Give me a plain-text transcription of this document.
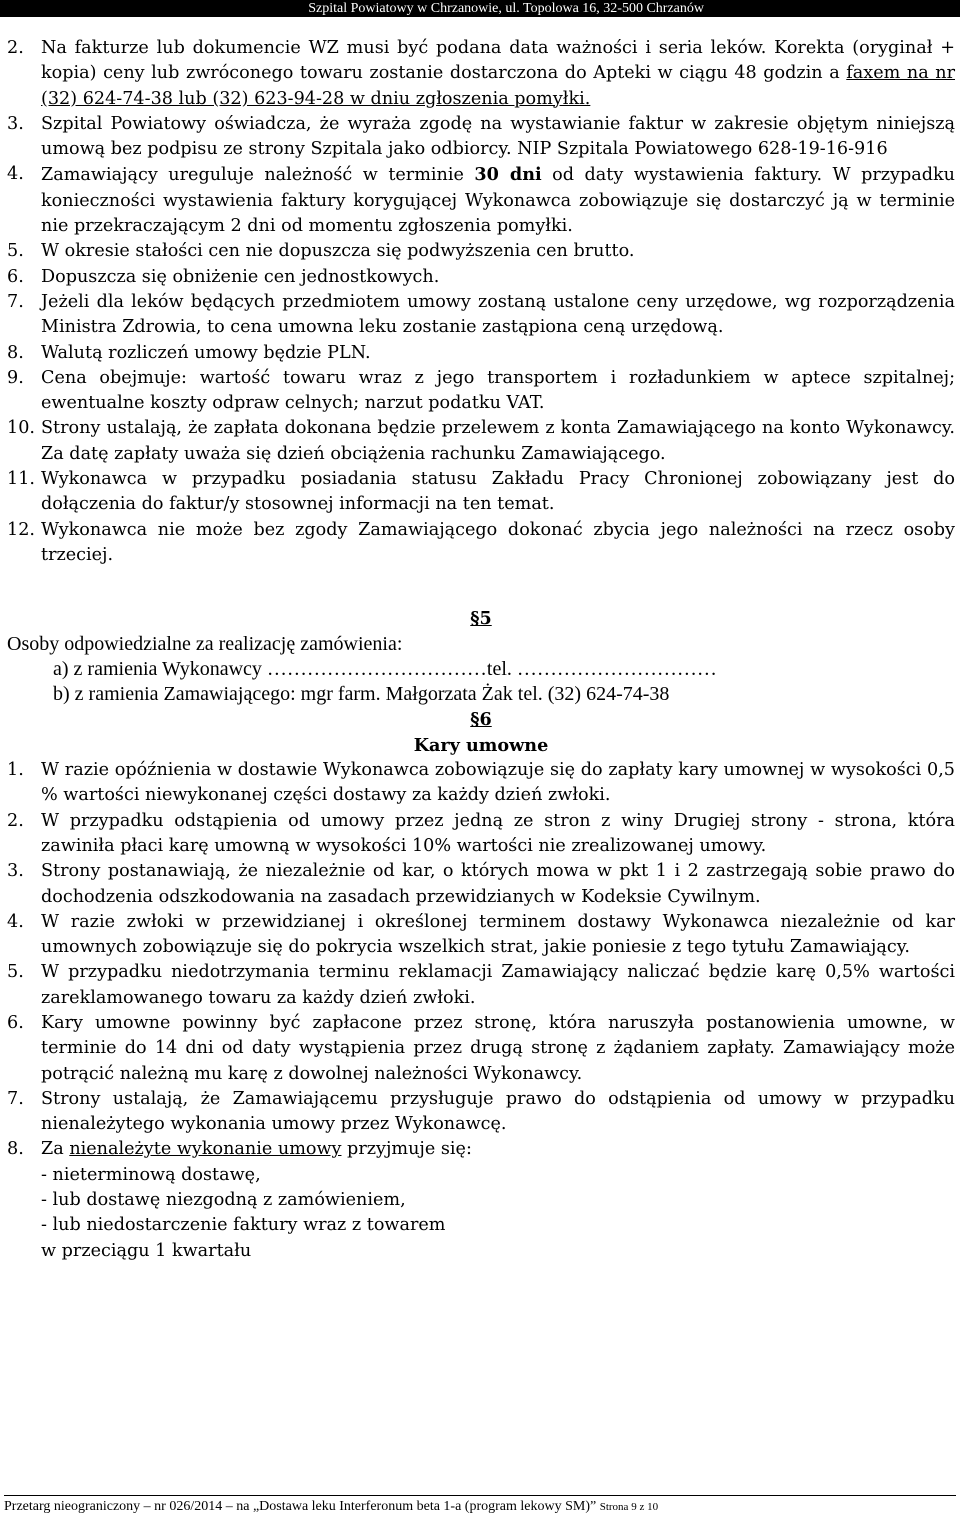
Szpital Powiatowy w Chrzanowie, ul. Topolowa 16, 32-500 Chrzanów
2. Na fakturze lub dokumencie WZ musi być podana data ważności i seria leków. Korekta (oryginał + kopia) ceny lub zwróconego towaru zostanie dostarczona do Apteki w ciągu 48 godzin a faxem na nr (32) 624-74-38 lub (32) 623-94-28 w dniu zgłoszenia pomyłki.
3. Szpital Powiatowy oświadcza, że wyraża zgodę na wystawianie faktur w zakresie objętym niniejszą umową bez podpisu ze strony Szpitala jako odbiorcy. NIP Szpitala Powiatowego 628-19-16-916
4. Zamawiający ureguluje należność w terminie 30 dni od daty wystawienia faktury. W przypadku konieczności wystawienia faktury korygującej Wykonawca zobowiązuje się dostarczyć ją w terminie nie przekraczającym 2 dni od momentu zgłoszenia pomyłki.
5. W okresie stałości cen nie dopuszcza się podwyższenia cen brutto.
6. Dopuszcza się obniżenie cen jednostkowych.
7. Jeżeli dla leków będących przedmiotem umowy zostaną ustalone ceny urzędowe, wg rozporządzenia Ministra Zdrowia, to cena umowna leku zostanie zastąpiona ceną urzędową.
8. Walutą rozliczeń umowy będzie PLN.
9. Cena obejmuje: wartość towaru wraz z jego transportem i rozładunkiem w aptece szpitalnej; ewentualne koszty odpraw celnych; narzut podatku VAT.
10. Strony ustalają, że zapłata dokonana będzie przelewem z konta Zamawiającego na konto Wykonawcy. Za datę zapłaty uważa się dzień obciążenia rachunku Zamawiającego.
11. Wykonawca w przypadku posiadania statusu Zakładu Pracy Chronionej zobowiązany jest do dołączenia do faktur/y stosownej informacji na ten temat.
12. Wykonawca nie może bez zgody Zamawiającego dokonać zbycia jego należności na rzecz osoby trzeciej.
§5
Osoby odpowiedzialne za realizację zamówienia:
a) z ramienia Wykonawcy ……………………………tel. …………………………
b) z ramienia Zamawiającego: mgr farm. Małgorzata Żak tel. (32) 624-74-38
§6
Kary umowne
1. W razie opóźnienia w dostawie Wykonawca zobowiązuje się do zapłaty kary umownej w wysokości 0,5 % wartości niewykonanej części dostawy za każdy dzień zwłoki.
2. W przypadku odstąpienia od umowy przez jedną ze stron z winy Drugiej strony - strona, która zawiniła płaci karę umowną w wysokości 10% wartości nie zrealizowanej umowy.
3. Strony postanawiają, że niezależnie od kar, o których mowa w pkt 1 i 2 zastrzegają sobie prawo do dochodzenia odszkodowania na zasadach przewidzianych w Kodeksie Cywilnym.
4. W razie zwłoki w przewidzianej i określonej terminem dostawy Wykonawca niezależnie od kar umownych zobowiązuje się do pokrycia wszelkich strat, jakie poniesie z tego tytułu Zamawiający.
5. W przypadku niedotrzymania terminu reklamacji Zamawiający naliczać będzie karę 0,5% wartości zareklamowanego towaru za każdy dzień zwłoki.
6. Kary umowne powinny być zapłacone przez stronę, która naruszyła postanowienia umowne, w terminie do 14 dni od daty wystąpienia przez drugą stronę z żądaniem zapłaty. Zamawiający może potrącić należną mu karę z dowolnej należności Wykonawcy.
7. Strony ustalają, że Zamawiającemu przysługuje prawo do odstąpienia od umowy w przypadku nienależytego wykonania umowy przez Wykonawcę.
8. Za nienależyte wykonanie umowy przyjmuje się:
- nieterminową dostawę,
- lub dostawę niezgodną z zamówieniem,
- lub niedostarczenie faktury wraz z towarem
w przeciągu 1 kwartału
Przetarg nieograniczony – nr 026/2014 – na „Dostawa leku Interferonum beta 1-a (program lekowy SM)” Strona 9 z 10
